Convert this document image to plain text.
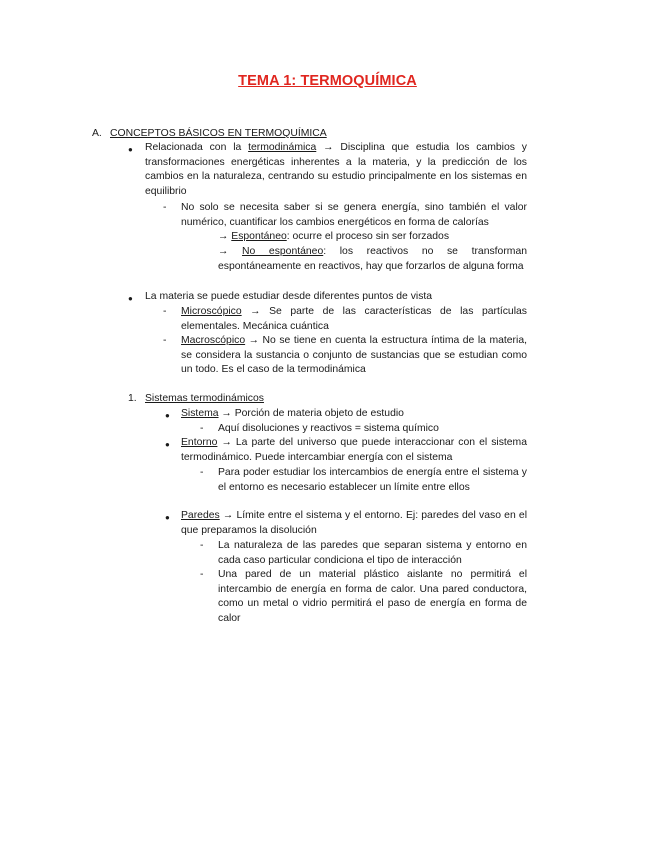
TEMA 1: TERMOQUÍMICA
A. CONCEPTOS BÁSICOS EN TERMOQUÍMICA
● Relacionada con la termodinámica → Disciplina que estudia los cambios y transformaciones energéticas inherentes a la materia, y la predicción de los cambios en la naturaleza, centrando su estudio principalmente en los sistemas en equilibrio
- No solo se necesita saber si se genera energía, sino también el valor numérico, cuantificar los cambios energéticos en forma de calorías
→ Espontáneo: ocurre el proceso sin ser forzados
→ No espontáneo: los reactivos no se transforman espontáneamente en reactivos, hay que forzarlos de alguna forma
● La materia se puede estudiar desde diferentes puntos de vista
- Microscópico → Se parte de las características de las partículas elementales. Mecánica cuántica
- Macroscópico → No se tiene en cuenta la estructura íntima de la materia, se considera la sustancia o conjunto de sustancias que se estudian como un todo. Es el caso de la termodinámica
1. Sistemas termodinámicos
● Sistema → Porción de materia objeto de estudio
- Aquí disoluciones y reactivos = sistema químico
● Entorno → La parte del universo que puede interaccionar con el sistema termodinámico. Puede intercambiar energía con el sistema
- Para poder estudiar los intercambios de energía entre el sistema y el entorno es necesario establecer un límite entre ellos
● Paredes → Límite entre el sistema y el entorno. Ej: paredes del vaso en el que preparamos la disolución
- La naturaleza de las paredes que separan sistema y entorno en cada caso particular condiciona el tipo de interacción
- Una pared de un material plástico aislante no permitirá el intercambio de energía en forma de calor. Una pared conductora, como un metal o vidrio permitirá el paso de energía en forma de calor
